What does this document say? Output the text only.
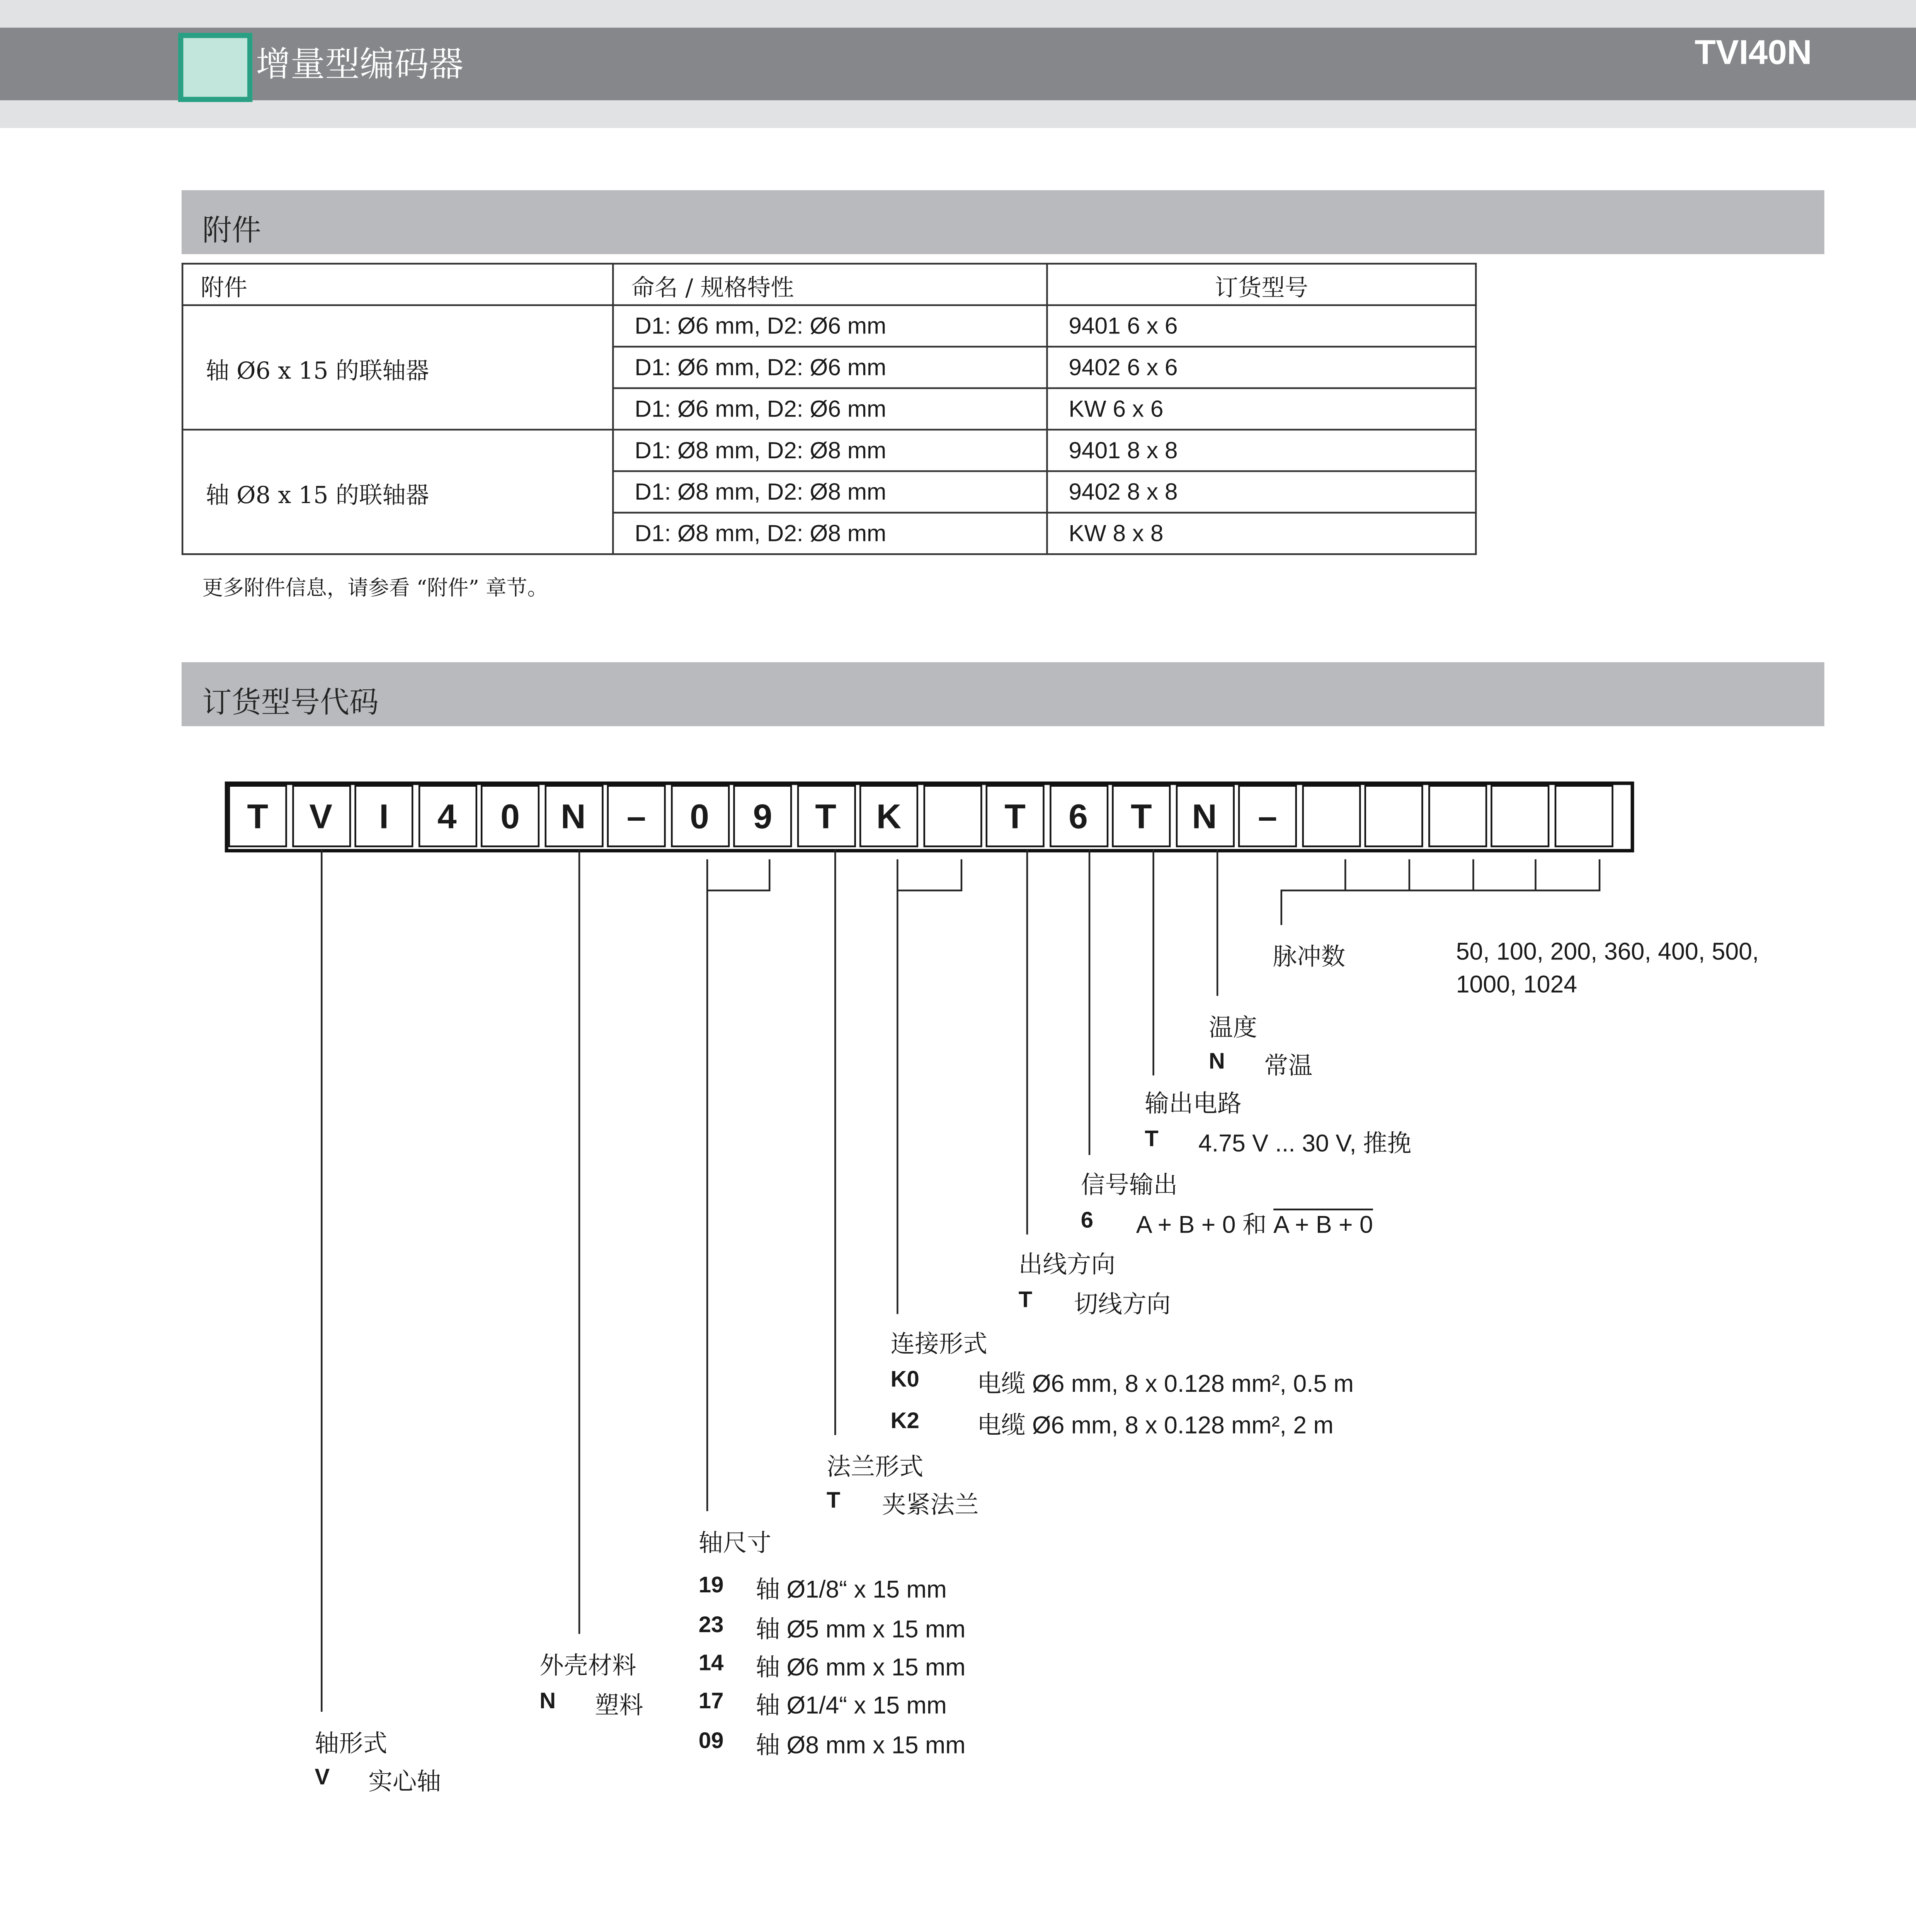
增量型编码器	TVI40N
附件
附件	命名 / 规格特性	订货型号
轴 Ø6 x 15 的联轴器	D1: Ø6 mm, D2: Ø6 mm	9401 6 x 6
	D1: Ø6 mm, D2: Ø6 mm	9402 6 x 6
	D1: Ø6 mm, D2: Ø6 mm	KW 6 x 6
轴 Ø8 x 15 的联轴器	D1: Ø8 mm, D2: Ø8 mm	9401 8 x 8
	D1: Ø8 mm, D2: Ø8 mm	9402 8 x 8
	D1: Ø8 mm, D2: Ø8 mm	KW 8 x 8
更多附件信息，请参看 “附件” 章节。
订货型号代码
T	V	I	4	0	N	–	0	9	T	K	T	6	T	N	–
脉冲数	50, 100, 200, 360, 400, 500,
1000, 1024
温度
N	常温
输出电路
T	4.75 V ... 30 V, 推挽
信号输出
6	A + B + 0 和 A + B + 0
出线方向
T	切线方向
连接形式
K0	电缆 Ø6 mm, 8 x 0.128 mm², 0.5 m
K2	电缆 Ø6 mm, 8 x 0.128 mm², 2 m
法兰形式
T	夹紧法兰
轴尺寸
19	轴 Ø1/8“ x 15 mm
23	轴 Ø5 mm x 15 mm
14	轴 Ø6 mm x 15 mm
17	轴 Ø1/4“ x 15 mm
09	轴 Ø8 mm x 15 mm
外壳材料
N	塑料
轴形式
V	实心轴
